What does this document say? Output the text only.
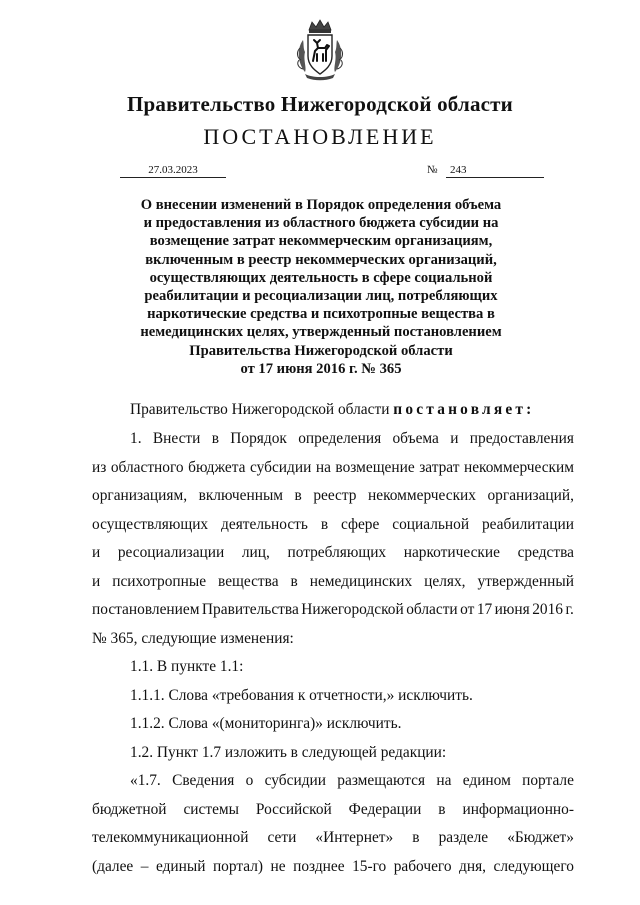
Правительство Нижегородской области
ПОСТАНОВЛЕНИЕ
27.03.2023	№	243
О внесении изменений в Порядок определения объема
и предоставления из областного бюджета субсидии на
возмещение затрат некоммерческим организациям,
включенным в реестр некоммерческих организаций,
осуществляющих деятельность в сфере социальной
реабилитации и ресоциализации лиц, потребляющих
наркотические средства и психотропные вещества в
немедицинских целях, утвержденный постановлением
Правительства Нижегородской области
от 17 июня 2016 г. № 365
Правительство Нижегородской области постановляет:
1. Внести в Порядок определения объема и предоставления
из областного бюджета субсидии на возмещение затрат некоммерческим
организациям, включенным в реестр некоммерческих организаций,
осуществляющих деятельность в сфере социальной реабилитации
и ресоциализации лиц, потребляющих наркотические средства
и психотропные вещества в немедицинских целях, утвержденный
постановлением Правительства Нижегородской области от 17 июня 2016 г.
№ 365, следующие изменения:
1.1. В пункте 1.1:
1.1.1. Слова «требования к отчетности,» исключить.
1.1.2. Слова «(мониторинга)» исключить.
1.2. Пункт 1.7 изложить в следующей редакции:
«1.7. Сведения о субсидии размещаются на едином портале
бюджетной системы Российской Федерации в информационно-
телекоммуникационной сети «Интернет» в разделе «Бюджет»
(далее – единый портал) не позднее 15-го рабочего дня, следующего
